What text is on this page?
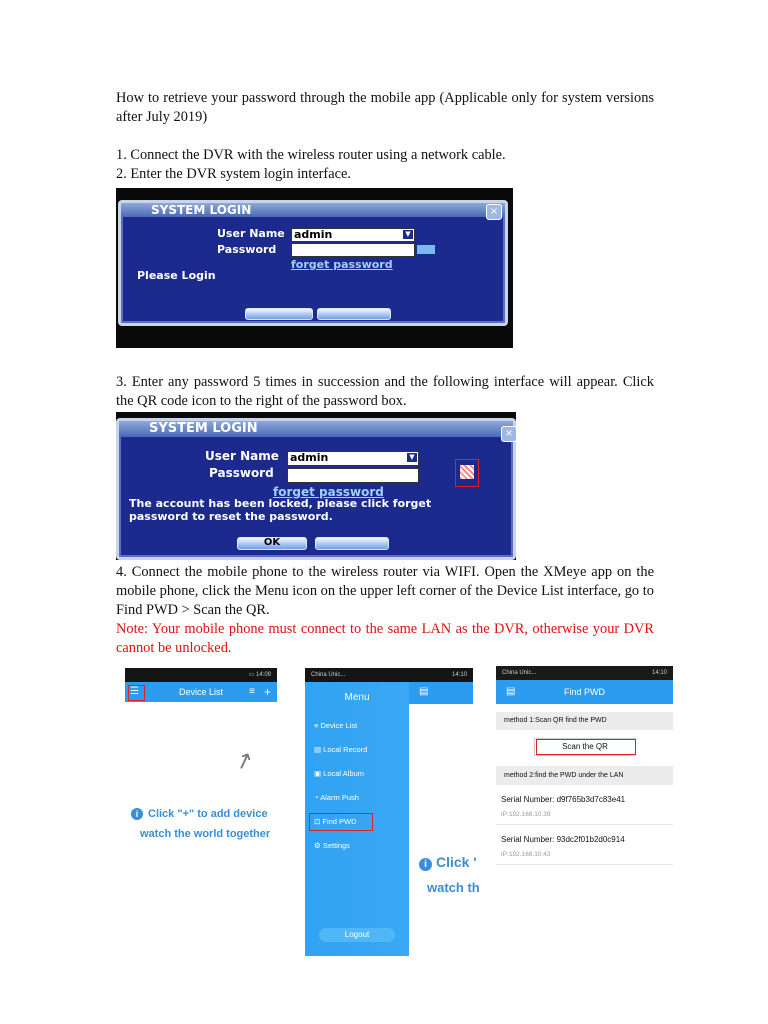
How to retrieve your password through the mobile app (Applicable only for system versions after July 2019)
1. Connect the DVR with the wireless router using a network cable.
2. Enter the DVR system login interface.
SYSTEM LOGIN
User Name admin	▼
Password
forget password
Please Login
×
3. Enter any password 5 times in succession and the following interface will appear. Click the QR code icon to the right of the password box.
SYSTEM LOGIN
User Name admin	▼
Password
forget password
The account has been locked, please click forget password to reset the password.
OK
×
4. Connect the mobile phone to the wireless router via WIFI. Open the XMeye app on the mobile phone, click the Menu icon on the upper left corner of the Device List interface, go to Find PWD > Scan the QR.
Note: Your mobile phone must connect to the same LAN as the DVR, otherwise your DVR cannot be unlocked.
▭ 14:09
Device List
☰	≡ +
↗
i Click "+" to add device
watch the world together
China Unic...	14:10
Menu
≡ Device List
▤ Local Record
▣ Local Album
◔ Alarm Push
⊡ Find PWD
⚙ Settings
Logout
▤
i Click '
watch th
China Unic...	14:10
Find PWD
▤
method 1:Scan QR find the PWD
Scan the QR
method 2:find the PWD under the LAN
Serial Number: d9f765b3d7c83e41
IP:192.168.10.39
Serial Number: 93dc2f01b2d0c914
IP:192.168.10.43
